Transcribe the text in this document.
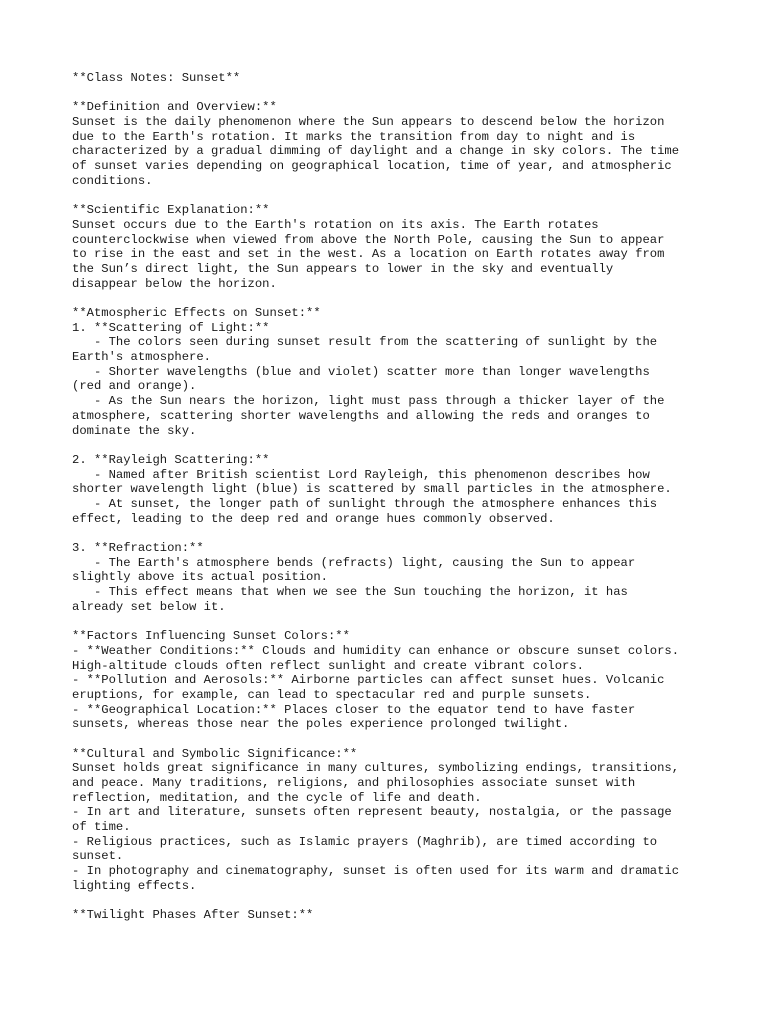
**Class Notes: Sunset**
**Definition and Overview:**
Sunset is the daily phenomenon where the Sun appears to descend below the horizon
due to the Earth's rotation. It marks the transition from day to night and is
characterized by a gradual dimming of daylight and a change in sky colors. The time
of sunset varies depending on geographical location, time of year, and atmospheric
conditions.
**Scientific Explanation:**
Sunset occurs due to the Earth's rotation on its axis. The Earth rotates
counterclockwise when viewed from above the North Pole, causing the Sun to appear
to rise in the east and set in the west. As a location on Earth rotates away from
the Sun’s direct light, the Sun appears to lower in the sky and eventually
disappear below the horizon.
**Atmospheric Effects on Sunset:**
1. **Scattering of Light:**
- The colors seen during sunset result from the scattering of sunlight by the
Earth's atmosphere.
- Shorter wavelengths (blue and violet) scatter more than longer wavelengths
(red and orange).
- As the Sun nears the horizon, light must pass through a thicker layer of the
atmosphere, scattering shorter wavelengths and allowing the reds and oranges to
dominate the sky.
2. **Rayleigh Scattering:**
- Named after British scientist Lord Rayleigh, this phenomenon describes how
shorter wavelength light (blue) is scattered by small particles in the atmosphere.
- At sunset, the longer path of sunlight through the atmosphere enhances this
effect, leading to the deep red and orange hues commonly observed.
3. **Refraction:**
- The Earth's atmosphere bends (refracts) light, causing the Sun to appear
slightly above its actual position.
- This effect means that when we see the Sun touching the horizon, it has
already set below it.
**Factors Influencing Sunset Colors:**
- **Weather Conditions:** Clouds and humidity can enhance or obscure sunset colors.
High-altitude clouds often reflect sunlight and create vibrant colors.
- **Pollution and Aerosols:** Airborne particles can affect sunset hues. Volcanic
eruptions, for example, can lead to spectacular red and purple sunsets.
- **Geographical Location:** Places closer to the equator tend to have faster
sunsets, whereas those near the poles experience prolonged twilight.
**Cultural and Symbolic Significance:**
Sunset holds great significance in many cultures, symbolizing endings, transitions,
and peace. Many traditions, religions, and philosophies associate sunset with
reflection, meditation, and the cycle of life and death.
- In art and literature, sunsets often represent beauty, nostalgia, or the passage
of time.
- Religious practices, such as Islamic prayers (Maghrib), are timed according to
sunset.
- In photography and cinematography, sunset is often used for its warm and dramatic
lighting effects.
**Twilight Phases After Sunset:**
